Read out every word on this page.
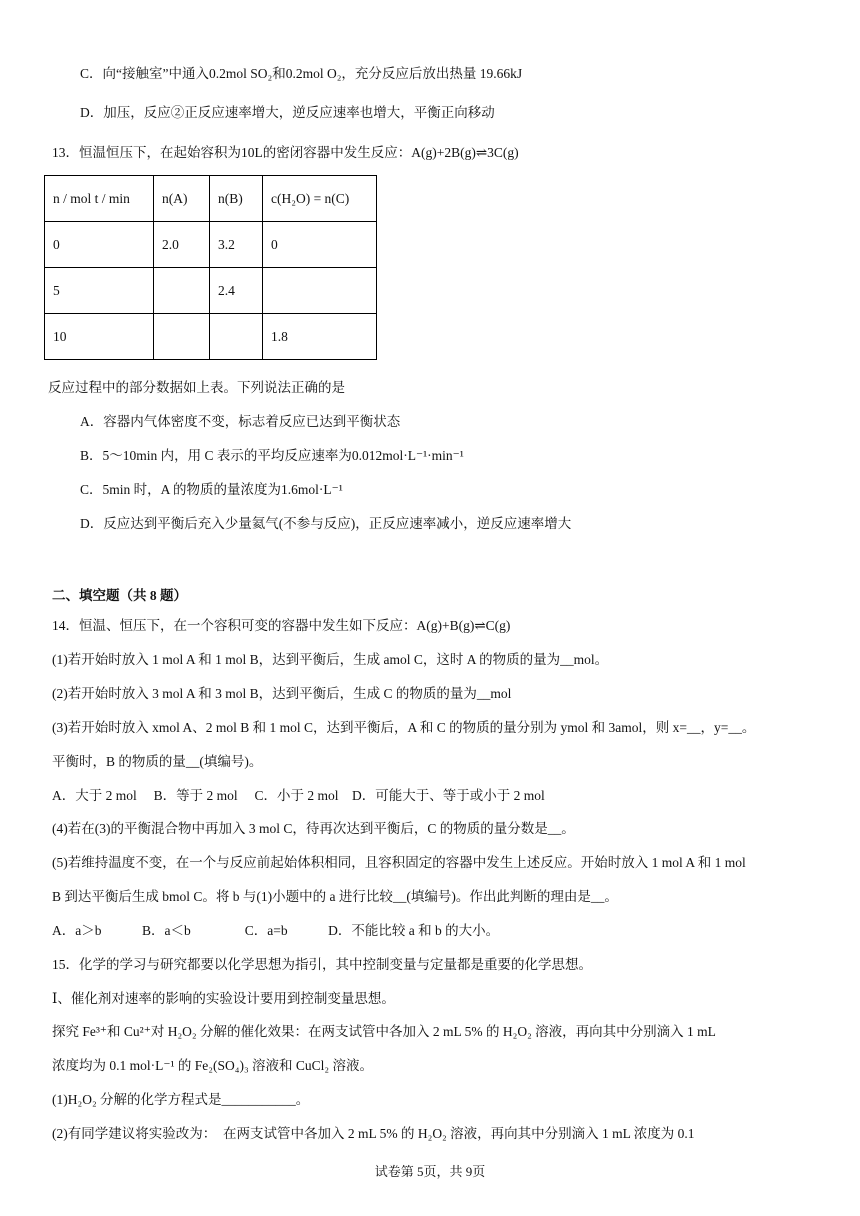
C．向“接触室”中通入0.2mol SO₂和0.2mol O₂，充分反应后放出热量 19.66kJ
D．加压，反应②正反应速率增大，逆反应速率也增大，平衡正向移动
13．恒温恒压下，在起始容积为10L的密闭容器中发生反应：A(g)+2B(g)⇌3C(g)
n / mol t / min	n(A)	n(B)	c(H₂O) = n(C)
0	2.0	3.2	0
5		2.4	
10			1.8
反应过程中的部分数据如上表。下列说法正确的是
A．容器内气体密度不变，标志着反应已达到平衡状态
B．5～10min 内，用 C 表示的平均反应速率为0.012mol·L⁻¹·min⁻¹
C．5min 时，A 的物质的量浓度为1.6mol·L⁻¹
D．反应达到平衡后充入少量氦气(不参与反应)，正反应速率减小，逆反应速率增大
二、填空题（共 8 题）
14．恒温、恒压下，在一个容积可变的容器中发生如下反应：A(g)+B(g)⇌C(g)
(1)若开始时放入 1 mol A 和 1 mol B，达到平衡后，生成 amol C，这时 A 的物质的量为__mol。
(2)若开始时放入 3 mol A 和 3 mol B，达到平衡后，生成 C 的物质的量为__mol
(3)若开始时放入 xmol A、2 mol B 和 1 mol C，达到平衡后，A 和 C 的物质的量分别为 ymol 和 3amol，则 x=__，y=__。
平衡时，B 的物质的量__(填编号)。
A．大于 2 mol　 B．等于 2 mol　 C．小于 2 mol　D．可能大于、等于或小于 2 mol
(4)若在(3)的平衡混合物中再加入 3 mol C，待再次达到平衡后，C 的物质的量分数是__。
(5)若维持温度不变，在一个与反应前起始体积相同，且容积固定的容器中发生上述反应。开始时放入 1 mol A 和 1 mol
B 到达平衡后生成 bmol C。将 b 与(1)小题中的 a 进行比较__(填编号)。作出此判断的理由是__。
A．a＞b　　　B．a＜b　　　　C．a=b　　　D．不能比较 a 和 b 的大小。
15．化学的学习与研究都要以化学思想为指引，其中控制变量与定量都是重要的化学思想。
Ⅰ、催化剂对速率的影响的实验设计要用到控制变量思想。
探究 Fe³⁺和 Cu²⁺对 H₂O₂ 分解的催化效果：在两支试管中各加入 2 mL 5% 的 H₂O₂ 溶液，再向其中分别滴入 1 mL
浓度均为 0.1 mol·L⁻¹ 的 Fe₂(SO₄)₃ 溶液和 CuCl₂ 溶液。
(1)H₂O₂ 分解的化学方程式是___________。
(2)有同学建议将实验改为：　在两支试管中各加入 2 mL 5% 的 H₂O₂ 溶液，再向其中分别滴入 1 mL 浓度为 0.1
试卷第 5页，共 9页
